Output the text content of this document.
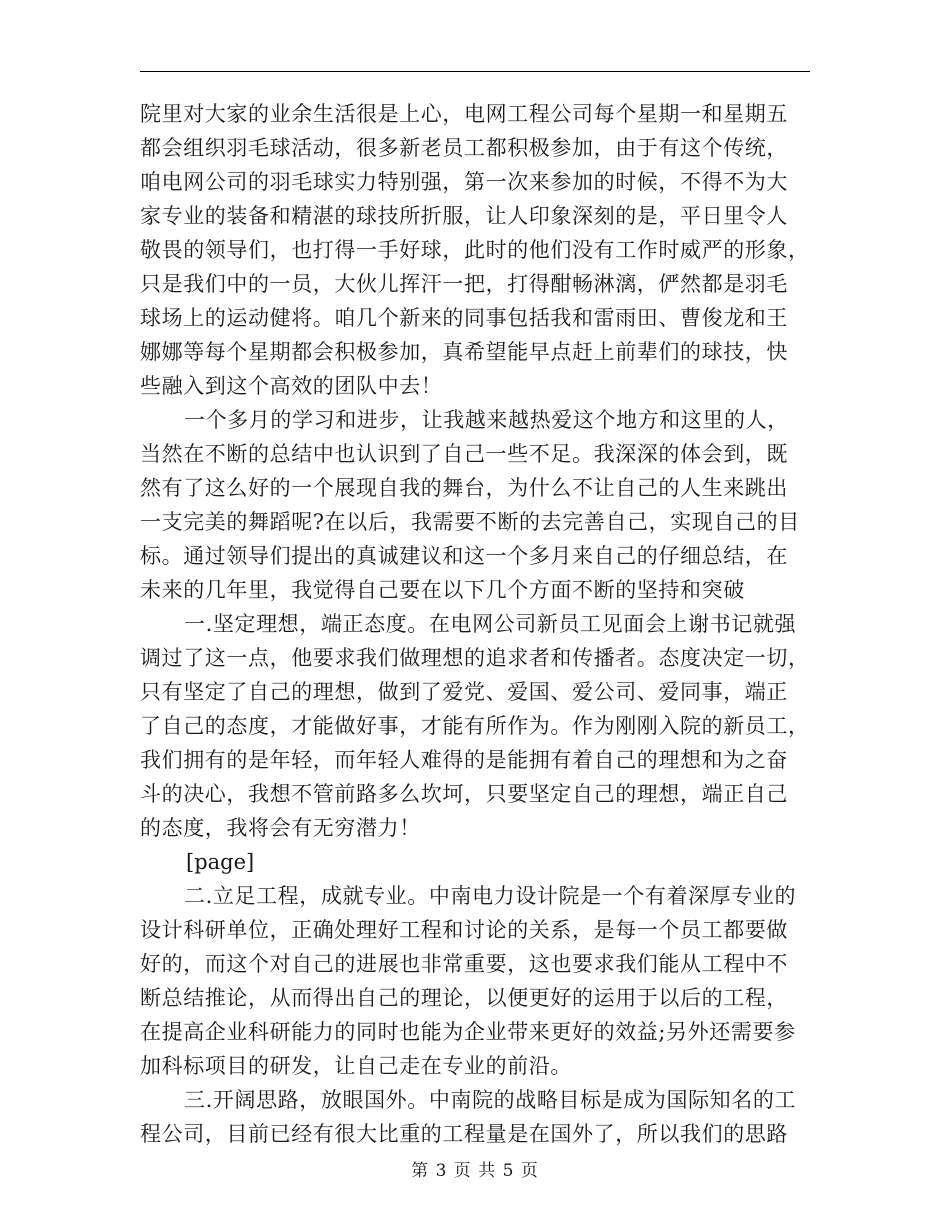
院里对大家的业余生活很是上心，电网工程公司每个星期一和星期五
都会组织羽毛球活动，很多新老员工都积极参加，由于有这个传统，
咱电网公司的羽毛球实力特别强，第一次来参加的时候，不得不为大
家专业的装备和精湛的球技所折服，让人印象深刻的是，平日里令人
敬畏的领导们，也打得一手好球，此时的他们没有工作时威严的形象，
只是我们中的一员，大伙儿挥汗一把，打得酣畅淋漓，俨然都是羽毛
球场上的运动健将。咱几个新来的同事包括我和雷雨田、曹俊龙和王
娜娜等每个星期都会积极参加，真希望能早点赶上前辈们的球技，快
些融入到这个高效的团队中去！
一个多月的学习和进步，让我越来越热爱这个地方和这里的人，
当然在不断的总结中也认识到了自己一些不足。我深深的体会到，既
然有了这么好的一个展现自我的舞台，为什么不让自己的人生来跳出
一支完美的舞蹈呢?在以后，我需要不断的去完善自己，实现自己的目
标。通过领导们提出的真诚建议和这一个多月来自己的仔细总结，在
未来的几年里，我觉得自己要在以下几个方面不断的坚持和突破
一.坚定理想，端正态度。在电网公司新员工见面会上谢书记就强
调过了这一点，他要求我们做理想的追求者和传播者。态度决定一切，
只有坚定了自己的理想，做到了爱党、爱国、爱公司、爱同事，端正
了自己的态度，才能做好事，才能有所作为。作为刚刚入院的新员工，
我们拥有的是年轻，而年轻人难得的是能拥有着自己的理想和为之奋
斗的决心，我想不管前路多么坎坷，只要坚定自己的理想，端正自己
的态度，我将会有无穷潜力！
[page]
二.立足工程，成就专业。中南电力设计院是一个有着深厚专业的
设计科研单位，正确处理好工程和讨论的关系，是每一个员工都要做
好的，而这个对自己的进展也非常重要，这也要求我们能从工程中不
断总结推论，从而得出自己的理论，以便更好的运用于以后的工程，
在提高企业科研能力的同时也能为企业带来更好的效益;另外还需要参
加科标项目的研发，让自己走在专业的前沿。
三.开阔思路，放眼国外。中南院的战略目标是成为国际知名的工
程公司，目前已经有很大比重的工程量是在国外了，所以我们的思路
第 3 页 共 5 页
